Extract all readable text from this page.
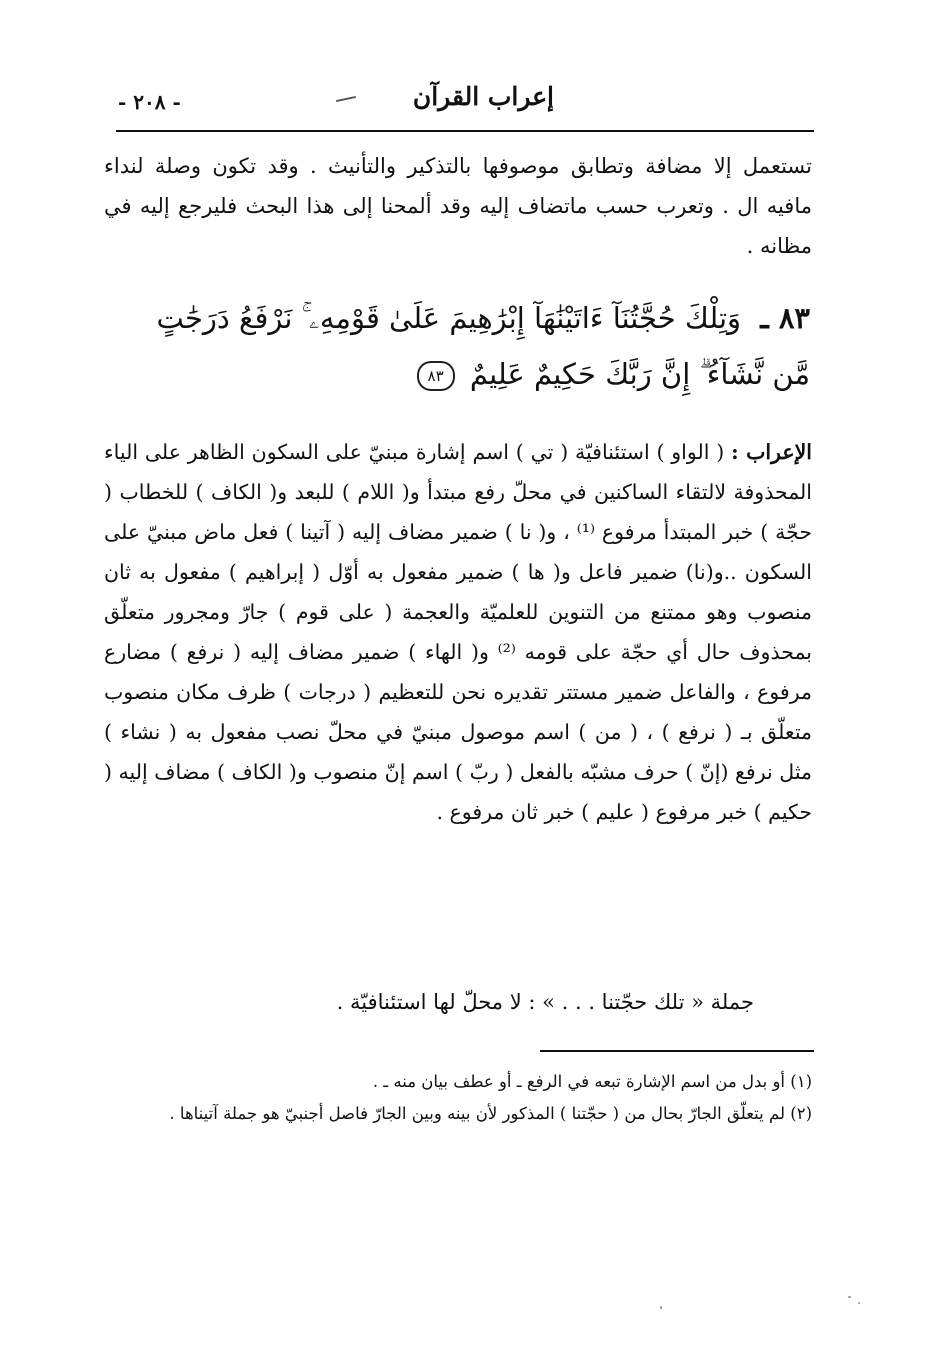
إعراب القرآن
- ٢٠٨ -
تستعمل إلا مضافة وتطابق موصوفها بالتذكير والتأنيث . وقد تكون وصلة لنداء مافيه ال . وتعرب حسب ماتضاف إليه وقد ألمحنا إلى هذا البحث فليرجع إليه في مظانه .
٨٣ ـ وَتِلْكَ حُجَّتُنَآ ءَاتَيْنَٰهَآ إِبْرَٰهِيمَ عَلَىٰ قَوْمِهِۦ ۚ نَرْفَعُ دَرَجَٰتٍ
مَّن نَّشَآءُ ۗ إِنَّ رَبَّكَ حَكِيمٌ عَلِيمٌ ٨٣
الإعراب : ( الواو ) استئنافيّة ( تي ) اسم إشارة مبنيّ على السكون الظاهر على الياء المحذوفة لالتقاء الساكنين في محلّ رفع مبتدأ و( اللام ) للبعد و( الكاف ) للخطاب ( حجّة ) خبر المبتدأ مرفوع ⁽¹⁾ ، و( نا ) ضمير مضاف إليه ( آتينا ) فعل ماض مبنيّ على السكون ..و(نا) ضمير فاعل و( ها ) ضمير مفعول به أوّل ( إبراهيم ) مفعول به ثان منصوب وهو ممتنع من التنوين للعلميّة والعجمة ( على قوم ) جارّ ومجرور متعلّق بمحذوف حال أي حجّة على قومه ⁽²⁾ و( الهاء ) ضمير مضاف إليه ( نرفع ) مضارع مرفوع ، والفاعل ضمير مستتر تقديره نحن للتعظيم ( درجات ) ظرف مكان منصوب متعلّق بـ ( نرفع ) ، ( من ) اسم موصول مبنيّ في محلّ نصب مفعول به ( نشاء ) مثل نرفع (إنّ ) حرف مشبّه بالفعل ( ربّ ) اسم إنّ منصوب و( الكاف ) مضاف إليه ( حكيم ) خبر مرفوع ( عليم ) خبر ثان مرفوع .
جملة « تلك حجّتنا . . . » : لا محلّ لها استئنافيّة .
(١) أو بدل من اسم الإشارة تبعه في الرفع ـ أو عطف بيان منه ـ .
(٢) لم يتعلّق الجارّ بحال من ( حجّتنا ) المذكور لأن بينه وبين الجارّ فاصل أجنبيّ هو جملة آتيناها .
